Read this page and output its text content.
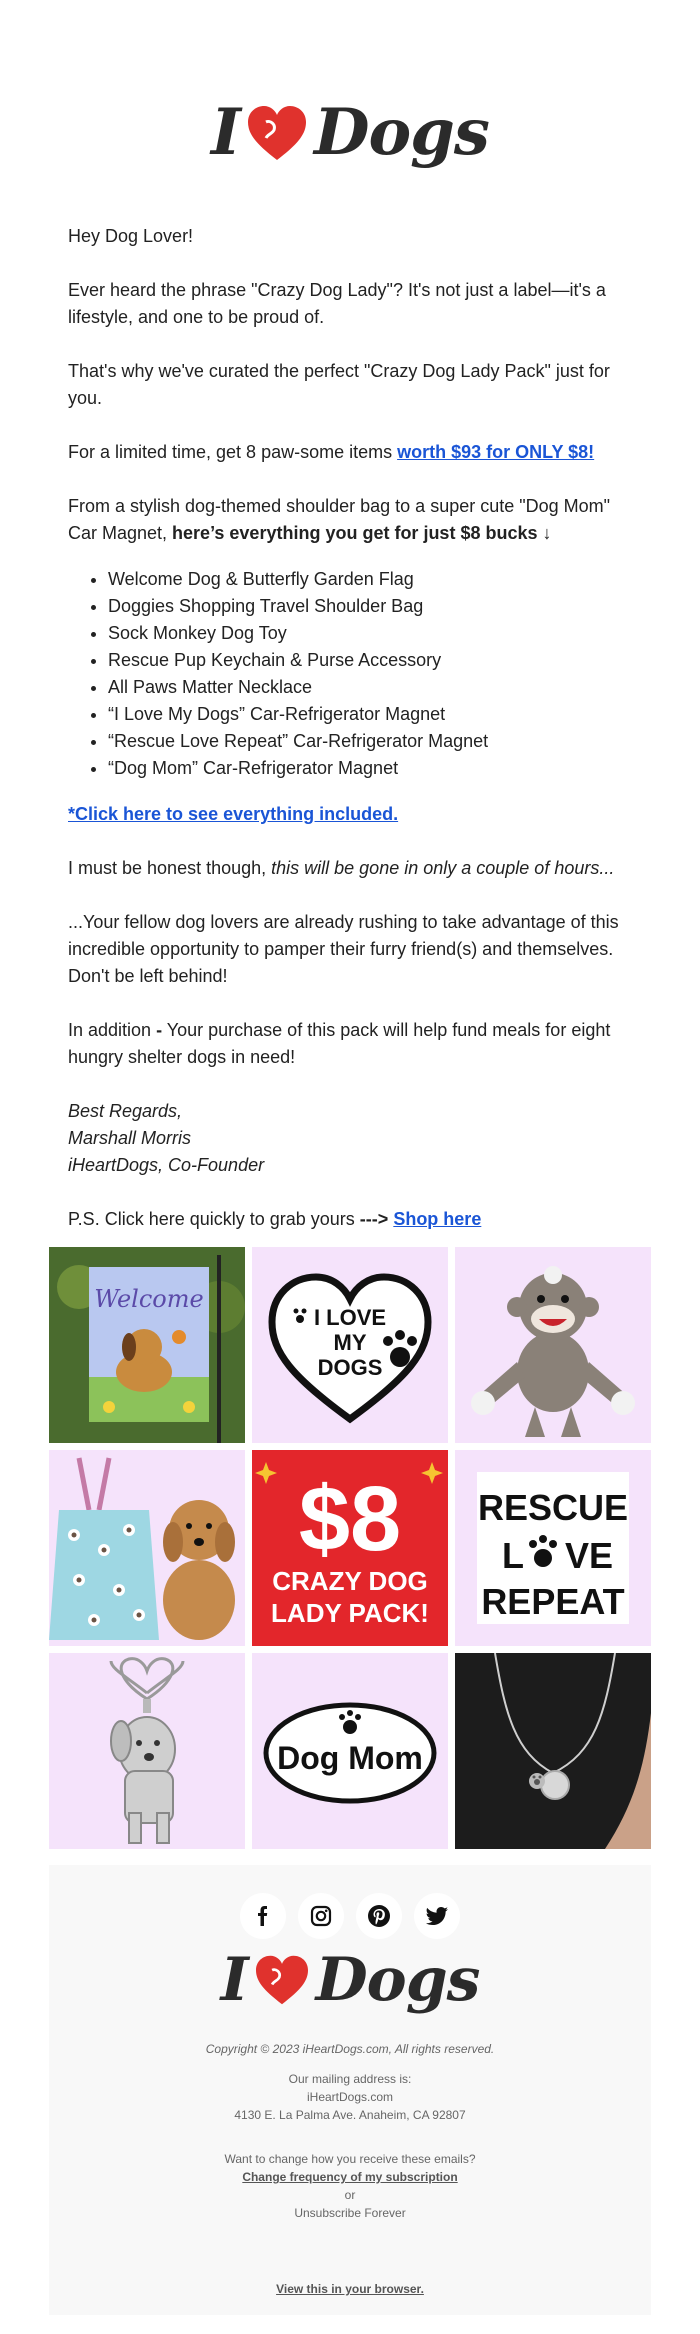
I Dogs

Hey Dog Lover!

Ever heard the phrase "Crazy Dog Lady"? It's not just a label—it's a lifestyle, and one to be proud of.

That's why we've curated the perfect "Crazy Dog Lady Pack" just for you.

For a limited time, get 8 paw-some items worth $93 for ONLY $8!

From a stylish dog-themed shoulder bag to a super cute "Dog Mom" Car Magnet, here’s everything you get for just $8 bucks ↓

• Welcome Dog & Butterfly Garden Flag
• Doggies Shopping Travel Shoulder Bag
• Sock Monkey Dog Toy
• Rescue Pup Keychain & Purse Accessory
• All Paws Matter Necklace
• “I Love My Dogs” Car-Refrigerator Magnet
• “Rescue Love Repeat” Car-Refrigerator Magnet
• “Dog Mom” Car-Refrigerator Magnet

*Click here to see everything included.

I must be honest though, this will be gone in only a couple of hours...

...Your fellow dog lovers are already rushing to take advantage of this incredible opportunity to pamper their furry friend(s) and themselves. Don't be left behind!

In addition - Your purchase of this pack will help fund meals for eight hungry shelter dogs in need!

Best Regards,

Marshall Morris

iHeartDogs, Co-Founder

P.S. Click here quickly to grab yours ---> Shop here

Welcome
I LOVE
MY
DOGS
$8
CRAZY DOG
LADY PACK!
RESCUE
L VE
REPEAT
Dog Mom
Copyright © 2023 iHeartDogs.com, All rights reserved.
Our mailing address is:
iHeartDogs.com
4130 E. La Palma Ave. Anaheim, CA 92807
Want to change how you receive these emails?
Change frequency of my subscription
or
Unsubscribe Forever
View this in your browser.
I Dogs
